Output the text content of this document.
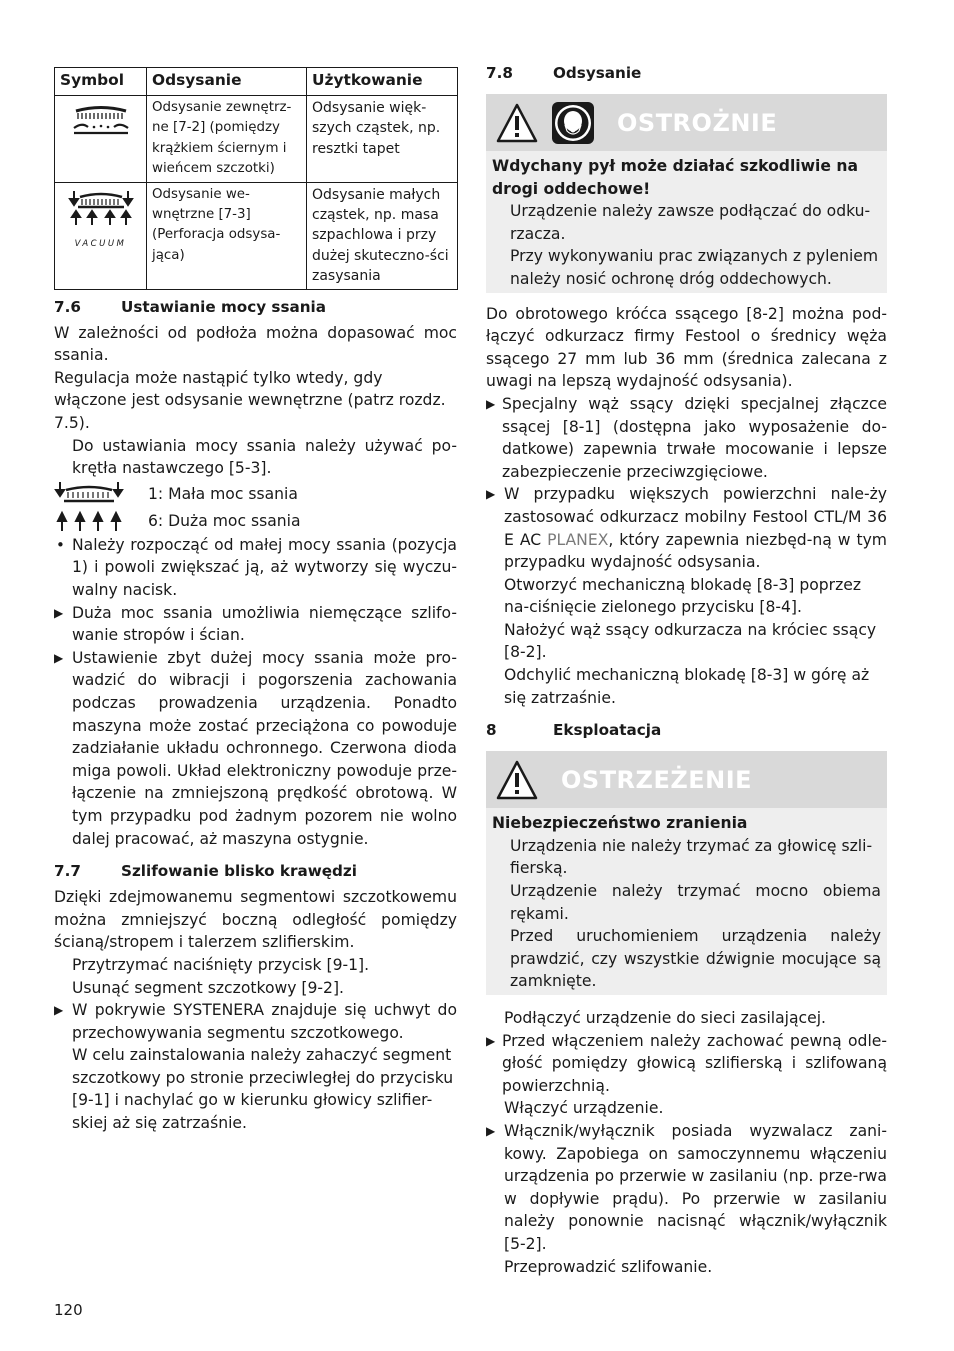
Symbol	Odsysanie	Użytkowanie
	Odsysanie zewnętrz-ne [7-2] (pomiędzy krążkiem ściernym i wieńcem szczotki)	Odsysanie więk-szych cząstek, np. resztki tapet

VACUUM	Odsysanie we-wnętrzne [7-3] (Perforacja odsysa-jąca)	Odsysanie małych cząstek, np. masa szpachlowa i przy dużej skuteczno-ści zasysania
7.6	Ustawianie mocy ssania

W zależności od podłoża można dopasować moc ssania.

Regulacja może nastąpić tylko wtedy, gdy włączone jest odsysanie wewnętrzne (patrz rozdz. 7.5).

Do ustawiania mocy ssania należy używać po-krętła nastawczego [5-3].

1: Mała moc ssania
6: Duża moc ssania
• Należy rozpocząć od małej mocy ssania (pozycja 1) i powoli zwiększać ją, aż wytworzy się wyczu-walny nacisk.
▶ Duża moc ssania umożliwia niemęczące szlifo-wanie stropów i ścian.
▶ Ustawienie zbyt dużej mocy ssania może pro-wadzić do wibracji i pogorszenia zachowania podczas prowadzenia urządzenia. Ponadto maszyna może zostać przeciążona co powoduje zadziałanie układu ochronnego. Czerwona dioda miga powoli. Układ elektroniczny powoduje prze-łączenie na zmniejszoną prędkość obrotową. W tym przypadku pod żadnym pozorem nie wolno dalej pracować, aż maszyna ostygnie.
7.7	Szlifowanie blisko krawędzi

Dzięki zdejmowanemu segmentowi szczotkowemu można zmniejszyć boczną odległość pomiędzy ścianą/stropem i talerzem szlifierskim.

Przytrzymać naciśnięty przycisk [9-1].

Usunąć segment szczotkowy [9-2].

▶ W pokrywie SYSTENERA znajduje się uchwyt do przechowywania segmentu szczotkowego.

W celu zainstalowania należy zahaczyć segment szczotkowy po stronie przeciwległej do przycisku [9-1] i nachylać go w kierunku głowicy szlifier-skiej aż się zatrzaśnie.

7.8	Odsysanie
OSTROŻNIE

Wdychany pył może działać szkodliwie na drogi oddechowe!

Urządzenie należy zawsze podłączać do odku-rzacza.

Przy wykonywaniu prac związanych z pyleniem należy nosić ochronę dróg oddechowych.

Do obrotowego króćca ssącego [8-2] można pod-łączyć odkurzacz firmy Festool o średnicy węża ssącego 27 mm lub 36 mm (średnica zalecana z uwagi na lepszą wydajność odsysania).

▶ Specjalny wąż ssący dzięki specjalnej złączce ssącej [8-1] (dostępna jako wyposażenie do-datkowe) zapewnia trwałe mocowanie i lepsze zabezpieczenie przeciwzgięciowe.
▶ W przypadku większych powierzchni nale-ży zastosować odkurzacz mobilny Festool CTL/M 36 E AC PLANEX, który zapewnia niezbęd-ną w tym przypadku wydajność odsysania.

Otworzyć mechaniczną blokadę [8-3] poprzez na-ciśnięcie zielonego przycisku [8-4].

Nałożyć wąż ssący odkurzacza na króciec ssący [8-2].

Odchylić mechaniczną blokadę [8-3] w górę aż się zatrzaśnie.

8	Eksploatacja
OSTRZEŻENIE

Niebezpieczeństwo zranienia

Urządzenia nie należy trzymać za głowicę szli-fierską.

Urządzenie należy trzymać mocno obiema rękami.

Przed uruchomieniem urządzenia należy prawdzić, czy wszystkie dźwignie mocujące są zamknięte.

Podłączyć urządzenie do sieci zasilającej.

▶ Przed włączeniem należy zachować pewną odle-głość pomiędzy głowicą szlifierską i szlifowaną powierzchnią.

Włączyć urządzenie.

▶ Włącznik/wyłącznik posiada wyzwalacz zani-kowy. Zapobiega on samoczynnemu włączeniu urządzenia po przerwie w zasilaniu (np. prze-rwa w dopływie prądu). Po przerwie w zasilaniu należy ponownie nacisnąć włącznik/wyłącznik [5-2].

Przeprowadzić szlifowanie.

120
